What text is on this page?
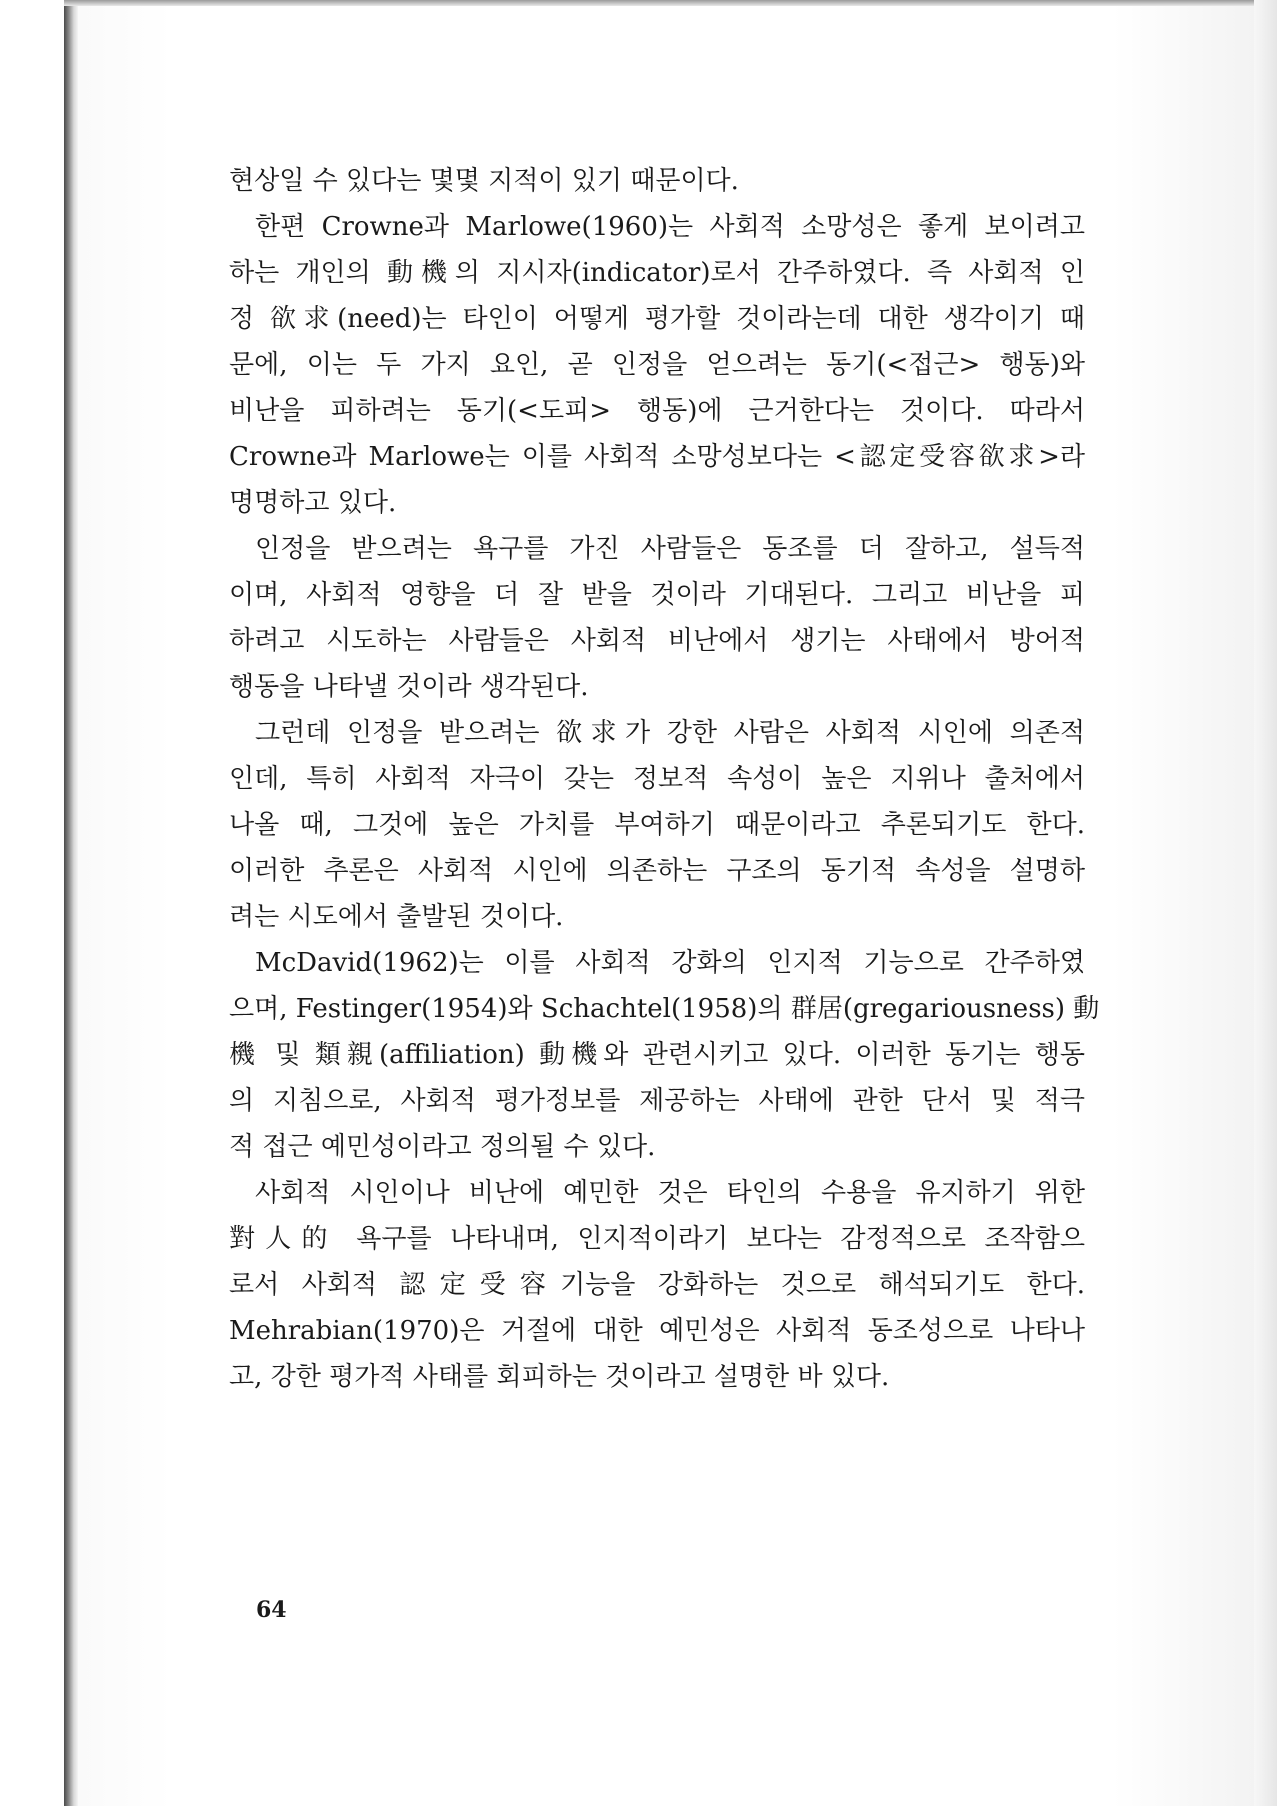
현상일 수 있다는 몇몇 지적이 있기 때문이다.
한편 Crowne과 Marlowe(1960)는 사회적 소망성은 좋게 보이려고
하는 개인의 動機의 지시자(indicator)로서 간주하였다. 즉 사회적 인
정 欲求(need)는 타인이 어떻게 평가할 것이라는데 대한 생각이기 때
문에, 이는 두 가지 요인, 곧 인정을 얻으려는 동기(<접근> 행동)와
비난을 피하려는 동기(<도피> 행동)에 근거한다는 것이다. 따라서
Crowne과 Marlowe는 이를 사회적 소망성보다는 <認定受容欲求>라
명명하고 있다.
인정을 받으려는 욕구를 가진 사람들은 동조를 더 잘하고, 설득적
이며, 사회적 영향을 더 잘 받을 것이라 기대된다. 그리고 비난을 피
하려고 시도하는 사람들은 사회적 비난에서 생기는 사태에서 방어적
행동을 나타낼 것이라 생각된다.
그런데 인정을 받으려는 欲求가 강한 사람은 사회적 시인에 의존적
인데, 특히 사회적 자극이 갖는 정보적 속성이 높은 지위나 출처에서
나올 때, 그것에 높은 가치를 부여하기 때문이라고 추론되기도 한다.
이러한 추론은 사회적 시인에 의존하는 구조의 동기적 속성을 설명하
려는 시도에서 출발된 것이다.
McDavid(1962)는 이를 사회적 강화의 인지적 기능으로 간주하였
으며, Festinger(1954)와 Schachtel(1958)의 群居(gregariousness) 動
機 및 類親(affiliation) 動機와 관련시키고 있다. 이러한 동기는 행동
의 지침으로, 사회적 평가정보를 제공하는 사태에 관한 단서 및 적극
적 접근 예민성이라고 정의될 수 있다.
사회적 시인이나 비난에 예민한 것은 타인의 수용을 유지하기 위한
對人的 욕구를 나타내며, 인지적이라기 보다는 감정적으로 조작함으
로서 사회적 認定受容기능을 강화하는 것으로 해석되기도 한다.
Mehrabian(1970)은 거절에 대한 예민성은 사회적 동조성으로 나타나
고, 강한 평가적 사태를 회피하는 것이라고 설명한 바 있다.
64
